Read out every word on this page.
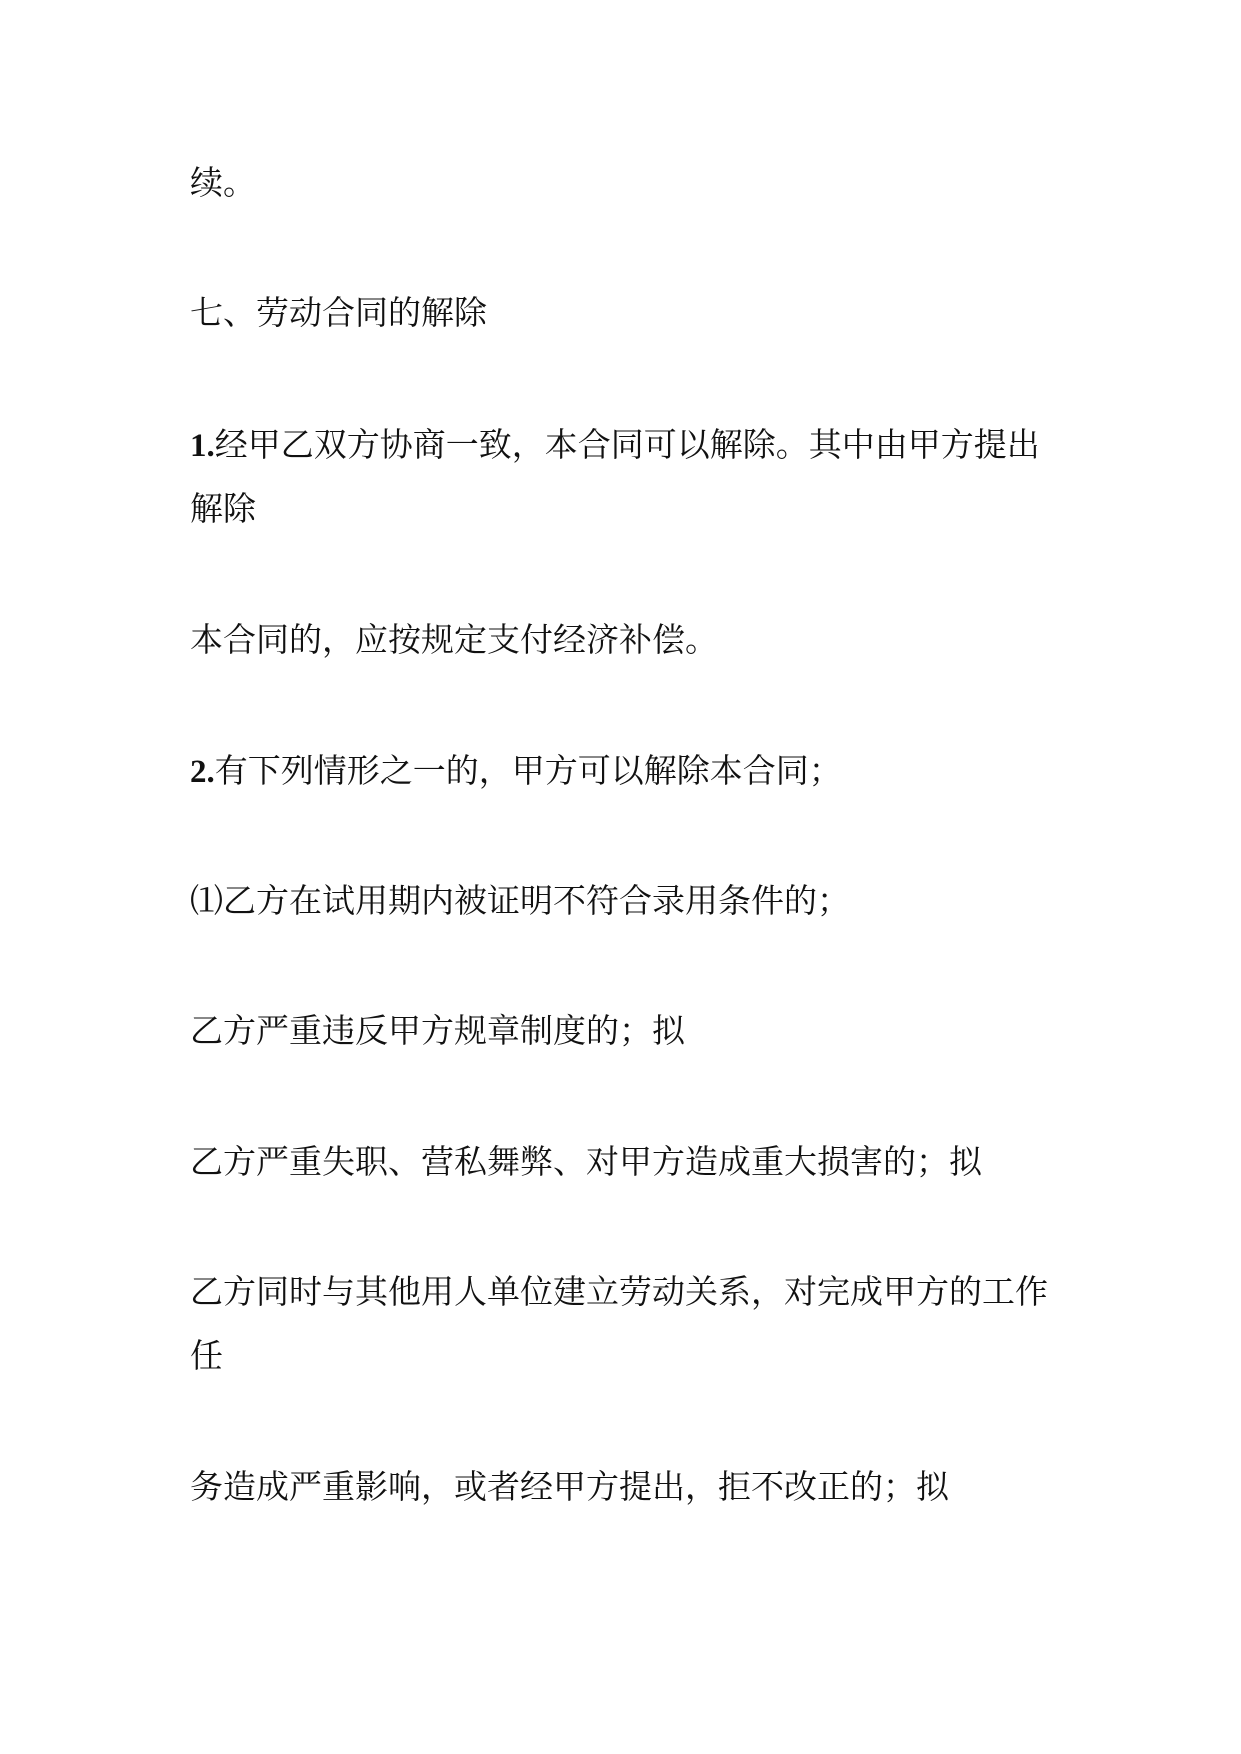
续。
七、劳动合同的解除
1.经甲乙双方协商一致，本合同可以解除。其中由甲方提出
解除
本合同的，应按规定支付经济补偿。
2.有下列情形之一的，甲方可以解除本合同；
⑴乙方在试用期内被证明不符合录用条件的；
乙方严重违反甲方规章制度的；拟
乙方严重失职、营私舞弊、对甲方造成重大损害的；拟
乙方同时与其他用人单位建立劳动关系，对完成甲方的工作
任
务造成严重影响，或者经甲方提出，拒不改正的；拟
